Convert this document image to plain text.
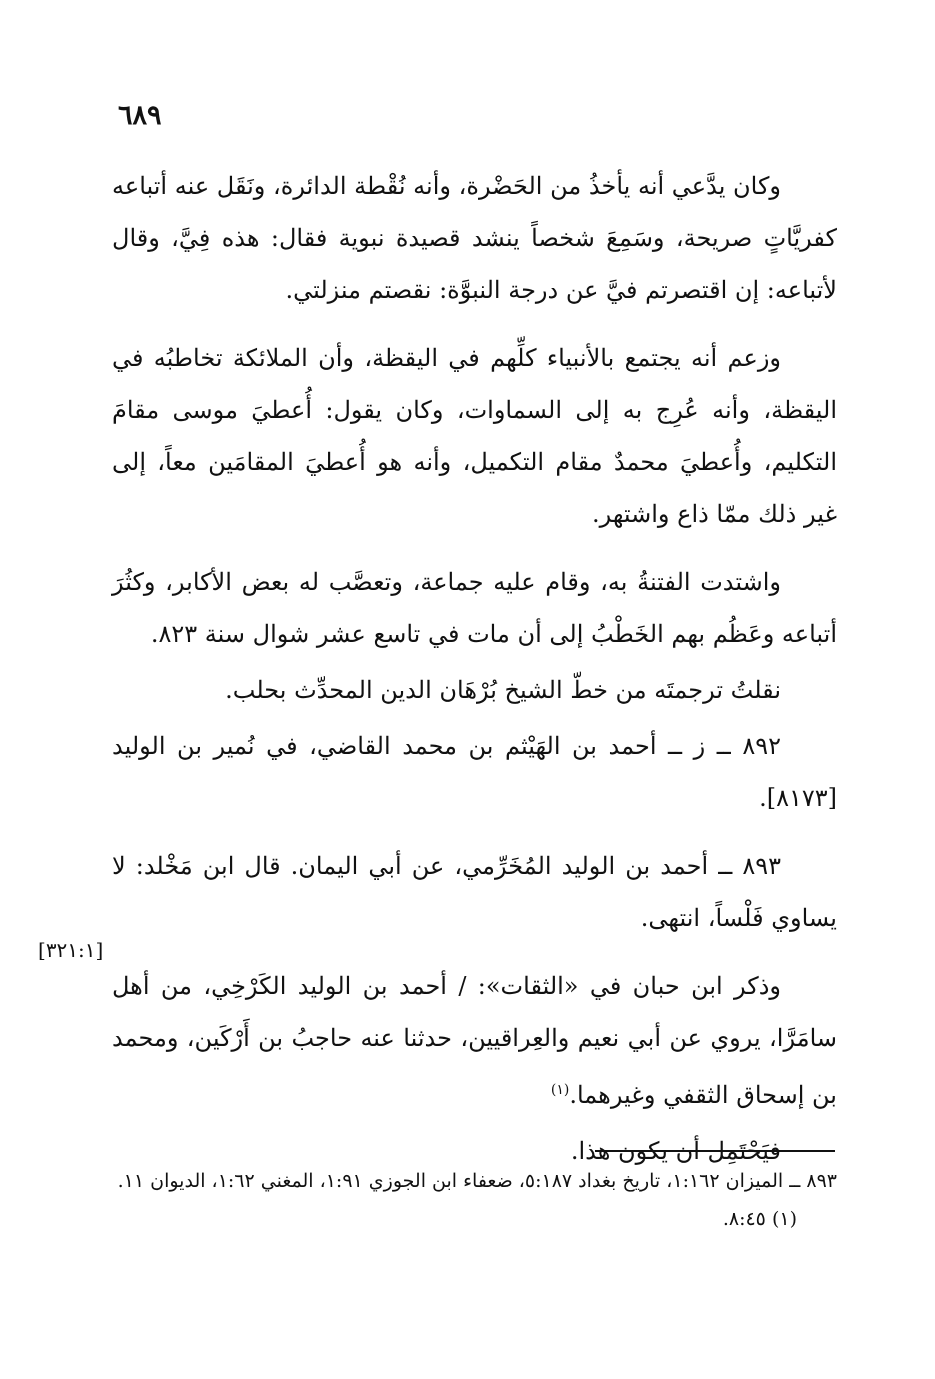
٦٨٩

وكان يدَّعي أنه يأخذُ من الحَضْرة، وأنه نُقْطة الدائرة، ونَقَل عنه أتباعه كفريَّاتٍ صريحة، وسَمِعَ شخصاً ينشد قصيدة نبوية فقال: هذه فِيَّ، وقال لأتباعه: إن اقتصرتم فيَّ عن درجة النبوَّة: نقصتم منزلتي.

وزعم أنه يجتمع بالأنبياء كلِّهم في اليقظة، وأن الملائكة تخاطبُه في اليقظة، وأنه عُرِج به إلى السماوات، وكان يقول: أُعطيَ موسى مقامَ التكليم، وأُعطيَ محمدٌ مقام التكميل، وأنه هو أُعطيَ المقامَين معاً، إلى غير ذلك ممّا ذاع واشتهر.

واشتدت الفتنةُ به، وقام عليه جماعة، وتعصَّب له بعض الأكابر، وكثُرَ أتباعه وعَظُم بهم الخَطْبُ إلى أن مات في تاسع عشر شوال سنة ٨٢٣.

نقلتُ ترجمتَه من خطّ الشيخ بُرْهَان الدين المحدِّث بحلب.

٨٩٢ ــ ز ــ أحمد بن الهَيْثم بن محمد القاضي، في نُمير بن الوليد [٨١٧٣].

٨٩٣ ــ أحمد بن الوليد المُخَرِّمي، عن أبي اليمان. قال ابن مَخْلد: لا يساوي فَلْساً، انتهى.

وذكر ابن حبان في «الثقات»: / أحمد بن الوليد الكَرْخِي، من أهل سامَرَّا، يروي عن أبي نعيم والعِراقيين، حدثنا عنه حاجبُ بن أَرْكَين، ومحمد بن إسحاق الثقفي وغيرهما.$^{(١)}$

فيَحْتَمِل أن يكون هذا.

[٣٢١:١]

٨٩٣ ــ الميزان ١:١٦٢، تاريخ بغداد ٥:١٨٧، ضعفاء ابن الجوزي ١:٩١، المغني ١:٦٢، الديوان ١١.

(١) ٨:٤٥.
